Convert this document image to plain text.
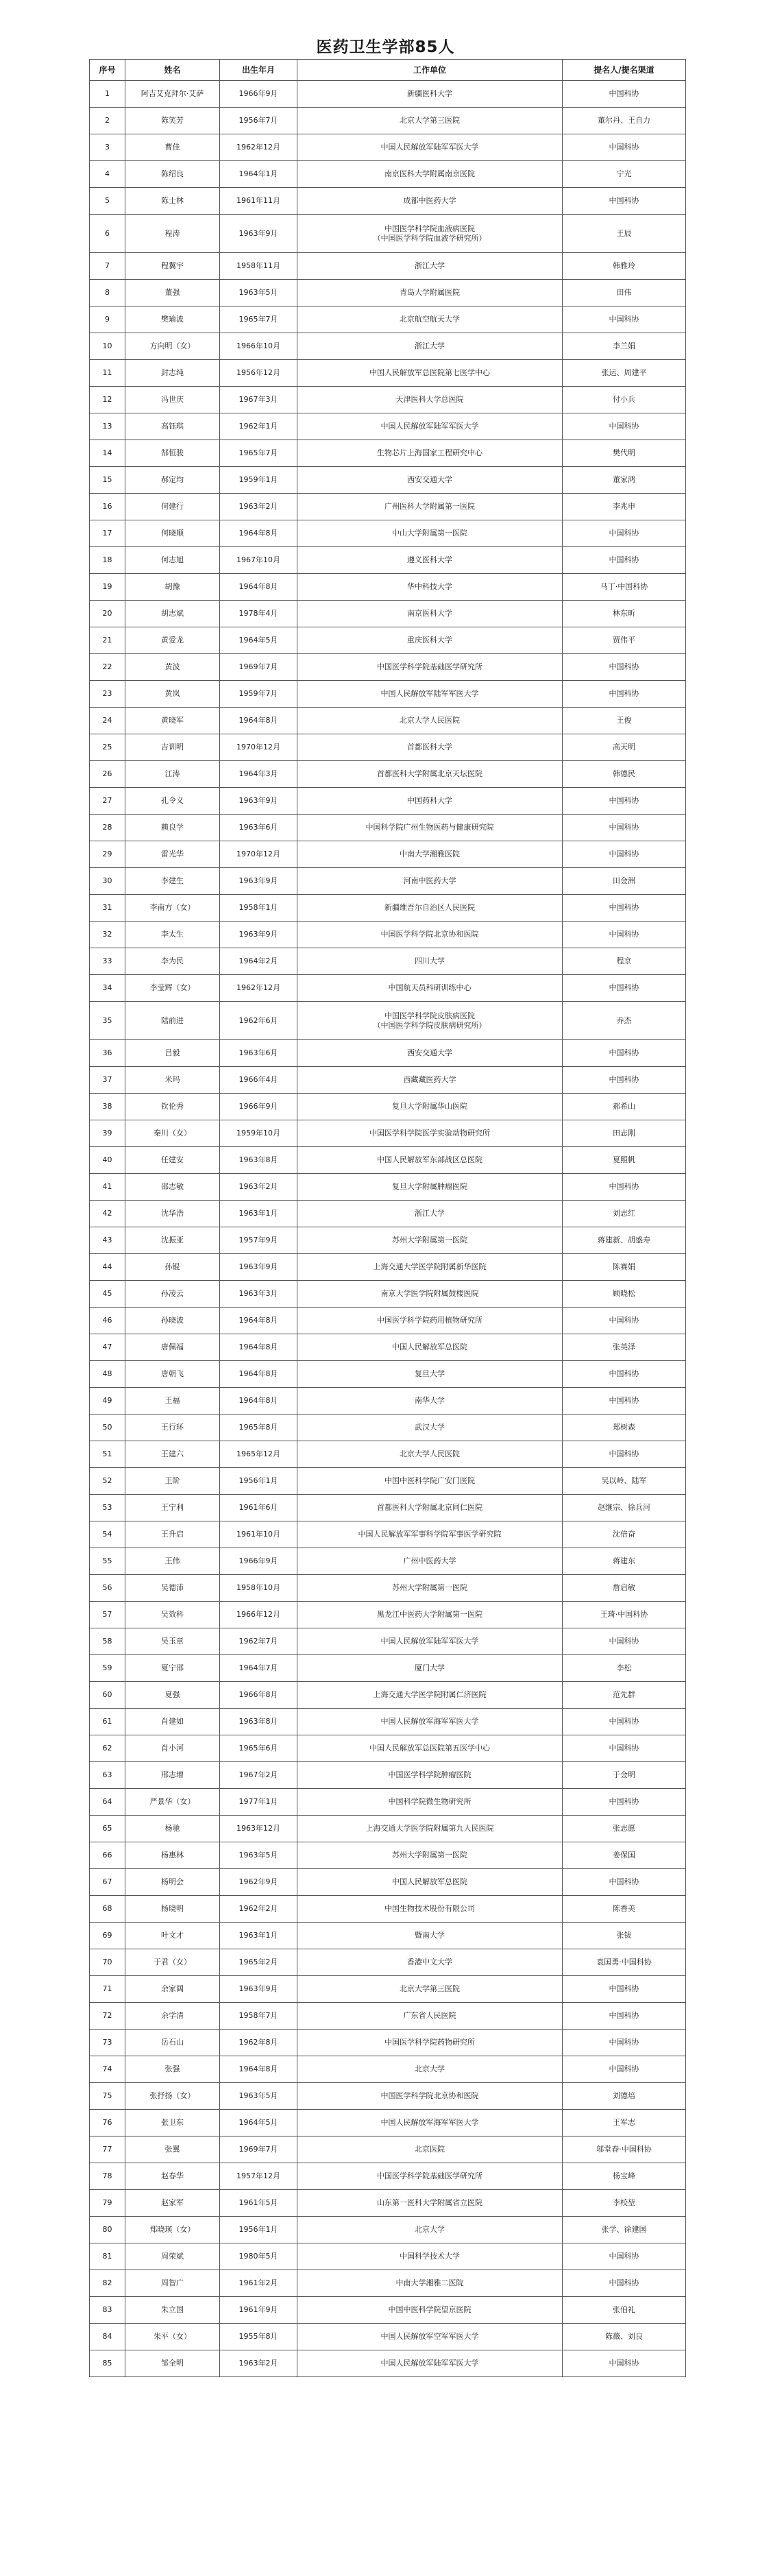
医药卫生学部85人
序号	姓名	出生年月	工作单位	提名人/提名渠道
1	阿吉艾克拜尔·艾萨	1966年9月	新疆医科大学	中国科协
2	陈笑芳	1956年7月	北京大学第三医院	董尔丹、王自力
3	曹佳	1962年12月	中国人民解放军陆军军医大学	中国科协
4	陈绍良	1964年1月	南京医科大学附属南京医院	宁光
5	陈士林	1961年11月	成都中医药大学	中国科协
6	程涛	1963年9月	中国医学科学院血液病医院
（中国医学科学院血液学研究所）	王辰
7	程翼宇	1958年11月	浙江大学	韩雅玲
8	董强	1963年5月	青岛大学附属医院	田伟
9	樊瑜波	1965年7月	北京航空航天大学	中国科协
10	方向明（女）	1966年10月	浙江大学	李兰娟
11	封志纯	1956年12月	中国人民解放军总医院第七医学中心	张运、周建平
12	冯世庆	1967年3月	天津医科大学总医院	付小兵
13	高钰琪	1962年1月	中国人民解放军陆军军医大学	中国科协
14	郜恒骏	1965年7月	生物芯片上海国家工程研究中心	樊代明
15	郝定均	1959年1月	西安交通大学	董家鸿
16	何建行	1963年2月	广州医科大学附属第一医院	李兆申
17	何晓顺	1964年8月	中山大学附属第一医院	中国科协
18	何志旭	1967年10月	遵义医科大学	中国科协
19	胡豫	1964年8月	华中科技大学	马丁·中国科协
20	胡志斌	1978年4月	南京医科大学	林东昕
21	黄爱龙	1964年5月	重庆医科大学	贾伟平
22	黄波	1969年7月	中国医学科学院基础医学研究所	中国科协
23	黄岚	1959年7月	中国人民解放军陆军军医大学	中国科协
24	黄晓军	1964年8月	北京大学人民医院	王俊
25	吉训明	1970年12月	首都医科大学	高天明
26	江涛	1964年3月	首都医科大学附属北京天坛医院	韩德民
27	孔令义	1963年9月	中国药科大学	中国科协
28	赖良学	1963年6月	中国科学院广州生物医药与健康研究院	中国科协
29	雷光华	1970年12月	中南大学湘雅医院	中国科协
30	李建生	1963年9月	河南中医药大学	田金洲
31	李南方（女）	1958年1月	新疆维吾尔自治区人民医院	中国科协
32	李太生	1963年9月	中国医学科学院北京协和医院	中国科协
33	李为民	1964年2月	四川大学	程京
34	李莹辉（女）	1962年12月	中国航天员科研训练中心	中国科协
35	陆前进	1962年6月	中国医学科学院皮肤病医院
（中国医学科学院皮肤病研究所）	乔杰
36	吕毅	1963年6月	西安交通大学	中国科协
37	米玛	1966年4月	西藏藏医药大学	中国科协
38	钦伦秀	1966年9月	复旦大学附属华山医院	郝希山
39	秦川（女）	1959年10月	中国医学科学院医学实验动物研究所	田志刚
40	任建安	1963年8月	中国人民解放军东部战区总医院	夏照帆
41	邵志敏	1963年2月	复旦大学附属肿瘤医院	中国科协
42	沈华浩	1963年1月	浙江大学	刘志红
43	沈振亚	1957年9月	苏州大学附属第一医院	蒋建新、胡盛寿
44	孙锟	1963年9月	上海交通大学医学院附属新华医院	陈赛娟
45	孙凌云	1963年3月	南京大学医学院附属鼓楼医院	顾晓松
46	孙晓波	1964年8月	中国医学科学院药用植物研究所	中国科协
47	唐佩福	1964年8月	中国人民解放军总医院	张英泽
48	唐朝飞	1964年8月	复旦大学	中国科协
49	王福	1964年8月	南华大学	中国科协
50	王行环	1965年8月	武汉大学	郑树森
51	王建六	1965年12月	北京大学人民医院	中国科协
52	王阶	1956年1月	中国中医科学院广安门医院	吴以岭、陆军
53	王宁利	1961年6月	首都医科大学附属北京同仁医院	赵继宗、徐兵河
54	王升启	1961年10月	中国人民解放军军事科学院军事医学研究院	沈倍奋
55	王伟	1966年9月	广州中医药大学	蒋建东
56	吴德沛	1958年10月	苏州大学附属第一医院	詹启敏
57	吴效科	1966年12月	黑龙江中医药大学附属第一医院	王琦·中国科协
58	吴玉章	1962年7月	中国人民解放军陆军军医大学	中国科协
59	夏宁邵	1964年7月	厦门大学	李松
60	夏强	1966年8月	上海交通大学医学院附属仁济医院	范先群
61	肖建如	1963年8月	中国人民解放军海军军医大学	中国科协
62	肖小河	1965年6月	中国人民解放军总医院第五医学中心	中国科协
63	邢志增	1967年2月	中国医学科学院肿瘤医院	于金明
64	严景华（女）	1977年1月	中国科学院微生物研究所	中国科协
65	杨驰	1963年12月	上海交通大学医学院附属第九人民医院	张志愿
66	杨惠林	1963年5月	苏州大学附属第一医院	姜保国
67	杨明会	1962年9月	中国人民解放军总医院	中国科协
68	杨晓明	1962年2月	中国生物技术股份有限公司	陈香美
69	叶文才	1963年1月	暨南大学	张钹
70	于君（女）	1965年2月	香港中文大学	袁国勇·中国科协
71	余家阔	1963年9月	北京大学第三医院	中国科协
72	余学清	1958年7月	广东省人民医院	中国科协
73	岳石山	1962年8月	中国医学科学院药物研究所	中国科协
74	张强	1964年8月	北京大学	中国科协
75	张抒扬（女）	1963年5月	中国医学科学院北京协和医院	刘德培
76	张卫东	1964年5月	中国人民解放军海军军医大学	王军志
77	张翼	1969年7月	北京医院	邬堂春·中国科协
78	赵春华	1957年12月	中国医学科学院基础医学研究所	杨宝峰
79	赵家军	1961年5月	山东第一医科大学附属省立医院	李校堃
80	郑晓瑛（女）	1956年1月	北京大学	张学、徐建国
81	周荣斌	1980年5月	中国科学技术大学	中国科协
82	周智广	1961年2月	中南大学湘雅二医院	中国科协
83	朱立国	1961年9月	中国中医科学院望京医院	张伯礼
84	朱平（女）	1955年8月	中国人民解放军空军军医大学	陈薇、刘良
85	邹全明	1963年2月	中国人民解放军陆军军医大学	中国科协
